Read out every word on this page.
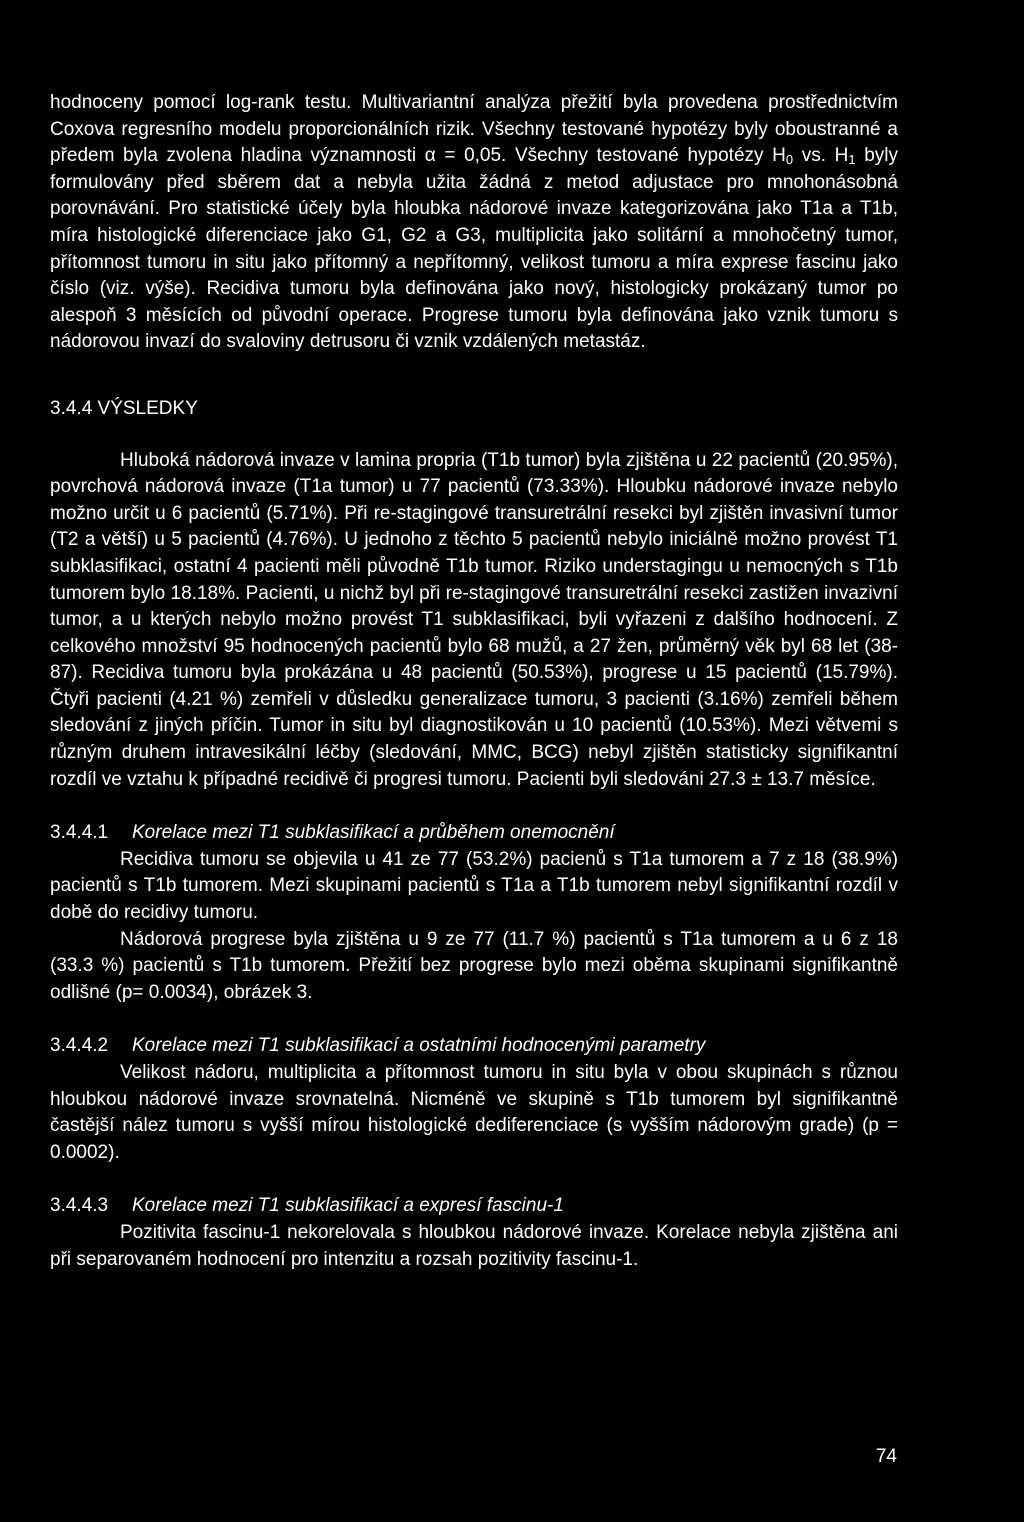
hodnoceny pomocí log-rank testu. Multivariantní analýza přežití byla provedena prostřednictvím Coxova regresního modelu proporcionálních rizik. Všechny testované hypotézy byly oboustranné a předem byla zvolena hladina významnosti α = 0,05. Všechny testované hypotézy $H_0$ vs. $H_1$ byly formulovány před sběrem dat a nebyla užita žádná z metod adjustace pro mnohonásobná porovnávání. Pro statistické účely byla hloubka nádorové invaze kategorizována jako T1a a T1b, míra histologické diferenciace jako G1, G2 a G3, multiplicita jako solitární a mnohočetný tumor, přítomnost tumoru in situ jako přítomný a nepřítomný, velikost tumoru a míra exprese fascinu jako číslo (viz. výše). Recidiva tumoru byla definována jako nový, histologicky prokázaný tumor po alespoň 3 měsících od původní operace. Progrese tumoru byla definována jako vznik tumoru s nádorovou invazí do svaloviny detrusoru či vznik vzdálených metastáz.

3.4.4 VÝSLEDKY

Hluboká nádorová invaze v lamina propria (T1b tumor) byla zjištěna u 22 pacientů (20.95%), povrchová nádorová invaze (T1a tumor) u 77 pacientů (73.33%). Hloubku nádorové invaze nebylo možno určit u 6 pacientů (5.71%). Při re-stagingové transuretrální resekci byl zjištěn invasivní tumor (T2 a větší) u 5 pacientů (4.76%). U jednoho z těchto 5 pacientů nebylo iniciálně možno provést T1 subklasifikaci, ostatní 4 pacienti měli původně T1b tumor. Riziko understagingu u nemocných s T1b tumorem bylo 18.18%. Pacienti, u nichž byl při re-stagingové transuretrální resekci zastižen invazivní tumor, a u kterých nebylo možno provést T1 subklasifikaci, byli vyřazeni z dalšího hodnocení. Z celkového množství 95 hodnocených pacientů bylo 68 mužů, a 27 žen, průměrný věk byl 68 let (38-87). Recidiva tumoru byla prokázána u 48 pacientů (50.53%), progrese u 15 pacientů (15.79%). Čtyři pacienti (4.21 %) zemřeli v důsledku generalizace tumoru, 3 pacienti (3.16%) zemřeli během sledování z jiných příčin. Tumor in situ byl diagnostikován u 10 pacientů (10.53%). Mezi větvemi s různým druhem intravesikální léčby (sledování, MMC, BCG) nebyl zjištěn statisticky signifikantní rozdíl ve vztahu k případné recidivě či progresi tumoru. Pacienti byli sledováni 27.3 ± 13.7 měsíce.

3.4.4.1 Korelace mezi T1 subklasifikací a průběhem onemocnění

Recidiva tumoru se objevila u 41 ze 77 (53.2%) pacienů s T1a tumorem a 7 z 18 (38.9%) pacientů s T1b tumorem. Mezi skupinami pacientů s T1a a T1b tumorem nebyl signifikantní rozdíl v době do recidivy tumoru.

Nádorová progrese byla zjištěna u 9 ze 77 (11.7 %) pacientů s T1a tumorem a u 6 z 18 (33.3 %) pacientů s T1b tumorem. Přežití bez progrese bylo mezi oběma skupinami signifikantně odlišné (p= 0.0034), obrázek 3.

3.4.4.2 Korelace mezi T1 subklasifikací a ostatními hodnocenými parametry

Velikost nádoru, multiplicita a přítomnost tumoru in situ byla v obou skupinách s různou hloubkou nádorové invaze srovnatelná. Nicméně ve skupině s T1b tumorem byl signifikantně častější nález tumoru s vyšší mírou histologické dediferenciace (s vyšším nádorovým grade) (p = 0.0002).

3.4.4.3 Korelace mezi T1 subklasifikací a expresí fascinu-1

Pozitivita fascinu-1 nekorelovala s hloubkou nádorové invaze. Korelace nebyla zjištěna ani při separovaném hodnocení pro intenzitu a rozsah pozitivity fascinu-1.

74
